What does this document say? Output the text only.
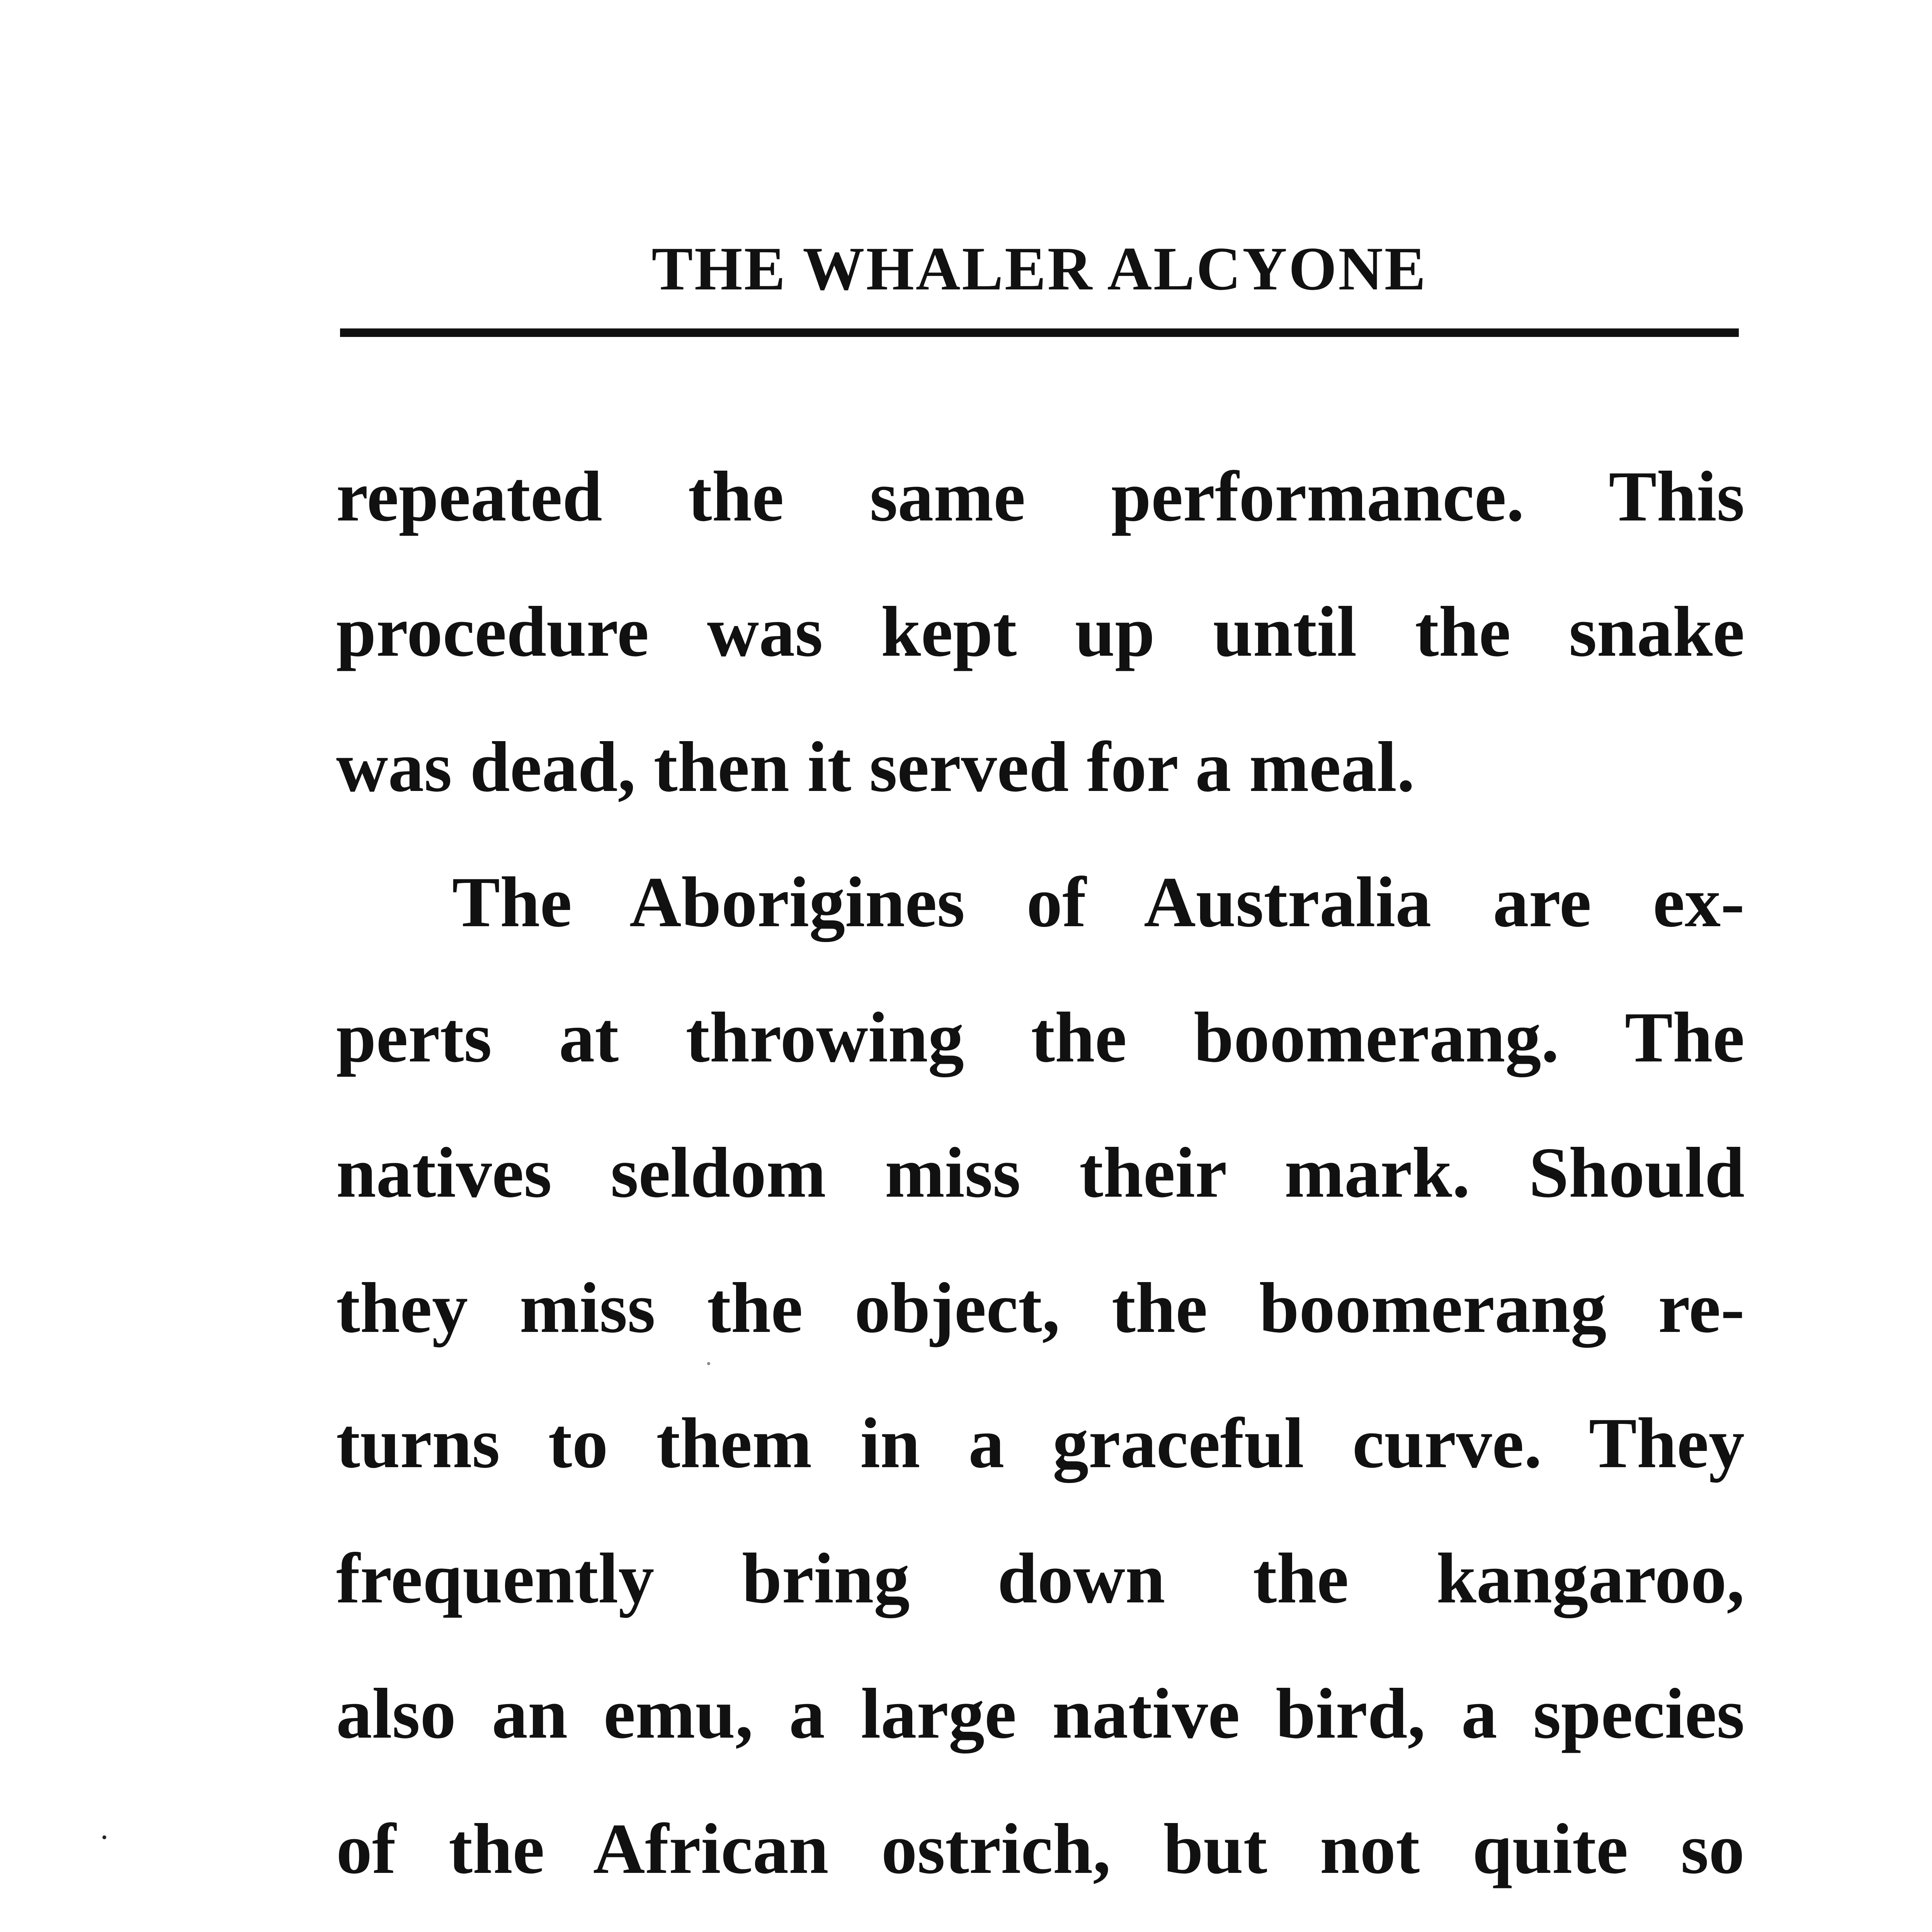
THE WHALER ALCYONE
repeated the same performance. This
procedure was kept up until the snake
was dead, then it served for a meal.
The Aborigines of Australia are ex-
perts at throwing the boomerang. The
natives seldom miss their mark. Should
they miss the object, the boomerang re-
turns to them in a graceful curve. They
frequently bring down the kangaroo,
also an emu, a large native bird, a species
of the African ostrich, but not quite so
